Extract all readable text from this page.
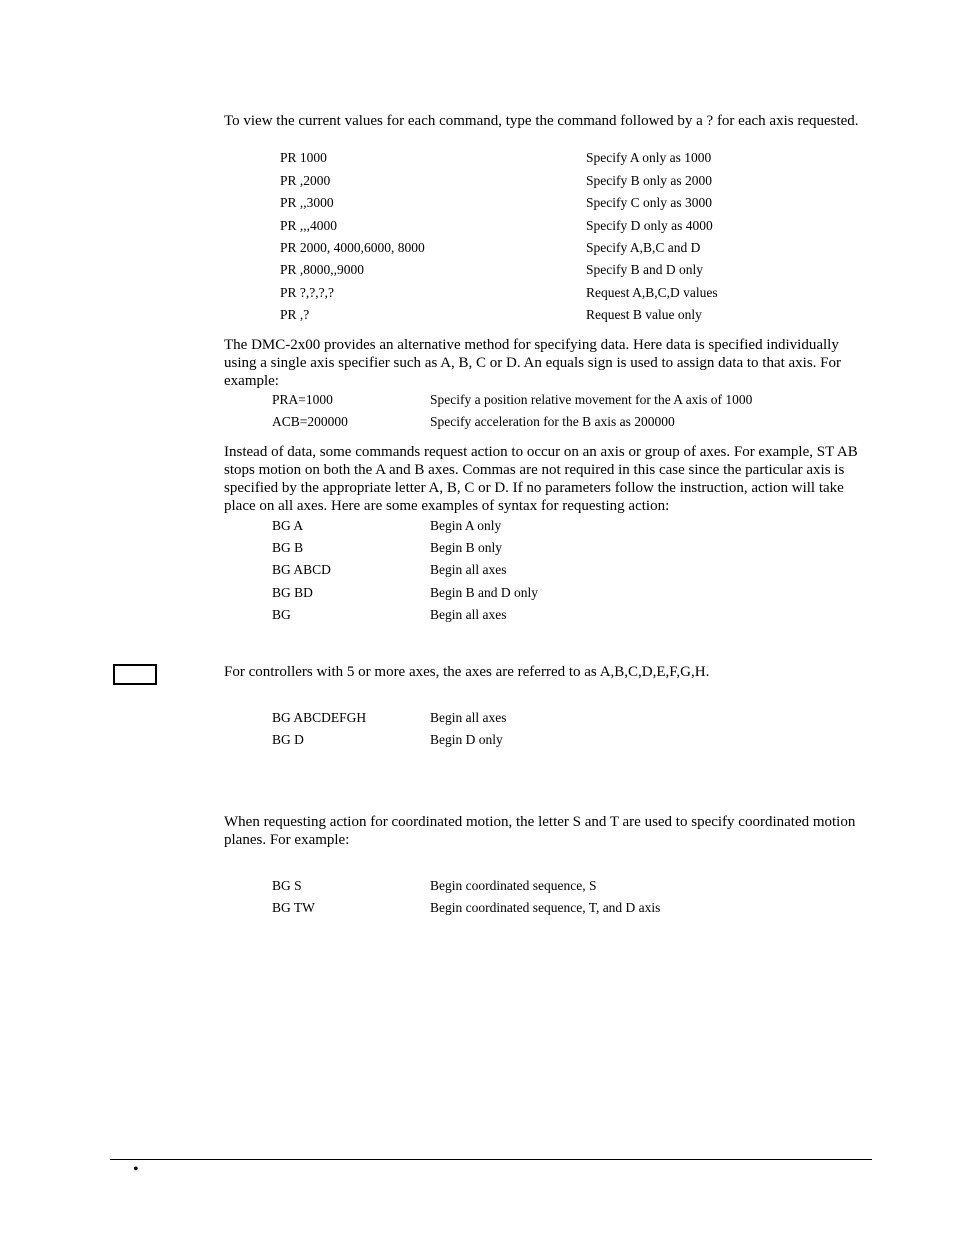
To view the current values for each command, type the command followed by a ? for each axis requested.

PR 1000	Specify A only as 1000
PR ,2000	Specify B only as 2000
PR ,,3000	Specify C only as 3000
PR ,,,4000	Specify D only as 4000
PR 2000, 4000,6000, 8000	Specify A,B,C and D
PR ,8000,,9000	Specify B and D only
PR ?,?,?,?	Request A,B,C,D values
PR ,?	Request B value only

The DMC-2x00 provides an alternative method for specifying data. Here data is specified individually using a single axis specifier such as A, B, C or D. An equals sign is used to assign data to that axis. For example:

PRA=1000	Specify a position relative movement for the A axis of 1000
ACB=200000	Specify acceleration for the B axis as 200000

Instead of data, some commands request action to occur on an axis or group of axes. For example, ST AB stops motion on both the A and B axes. Commas are not required in this case since the particular axis is specified by the appropriate letter A, B, C or D. If no parameters follow the instruction, action will take place on all axes. Here are some examples of syntax for requesting action:

BG A	Begin A only
BG B	Begin B only
BG ABCD	Begin all axes
BG BD	Begin B and D only
BG	Begin all axes

For controllers with 5 or more axes, the axes are referred to as A,B,C,D,E,F,G,H.

BG ABCDEFGH	Begin all axes
BG D	Begin D only

When requesting action for coordinated motion, the letter S and T are used to specify coordinated motion planes. For example:

BG S	Begin coordinated sequence, S
BG TW	Begin coordinated sequence, T, and D axis
•
